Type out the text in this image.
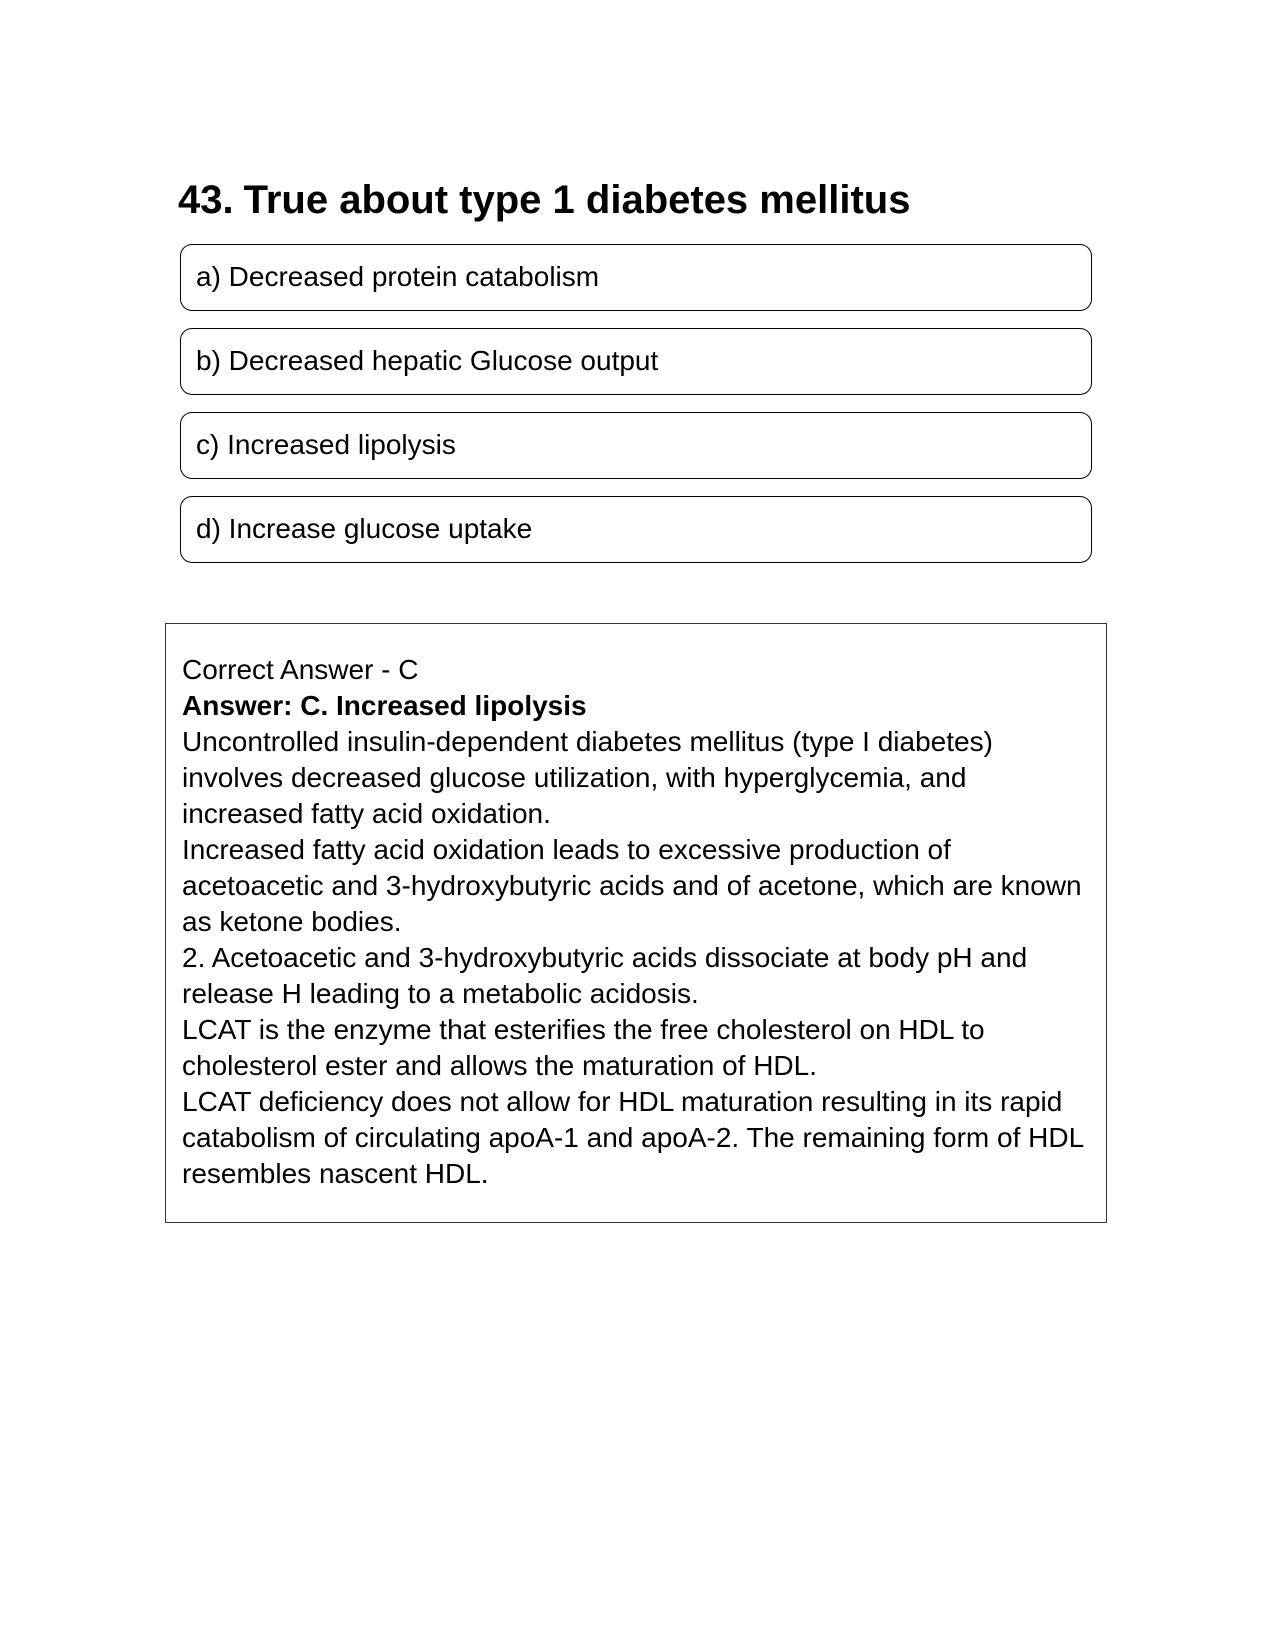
43. True about type 1 diabetes mellitus
a) Decreased protein catabolism
b) Decreased hepatic Glucose output
c) Increased lipolysis
d) Increase glucose uptake

Correct Answer - C

Answer: C. Increased lipolysis

Uncontrolled insulin-dependent diabetes mellitus (type I diabetes) involves decreased glucose utilization, with hyperglycemia, and increased fatty acid oxidation.

Increased fatty acid oxidation leads to excessive production of acetoacetic and 3-hydroxybutyric acids and of acetone, which are known as ketone bodies.

2. Acetoacetic and 3-hydroxybutyric acids dissociate at body pH and release H leading to a metabolic acidosis.

LCAT is the enzyme that esterifies the free cholesterol on HDL to cholesterol ester and allows the maturation of HDL.

LCAT deficiency does not allow for HDL maturation resulting in its rapid catabolism of circulating apoA-1 and apoA-2. The remaining form of HDL resembles nascent HDL.
